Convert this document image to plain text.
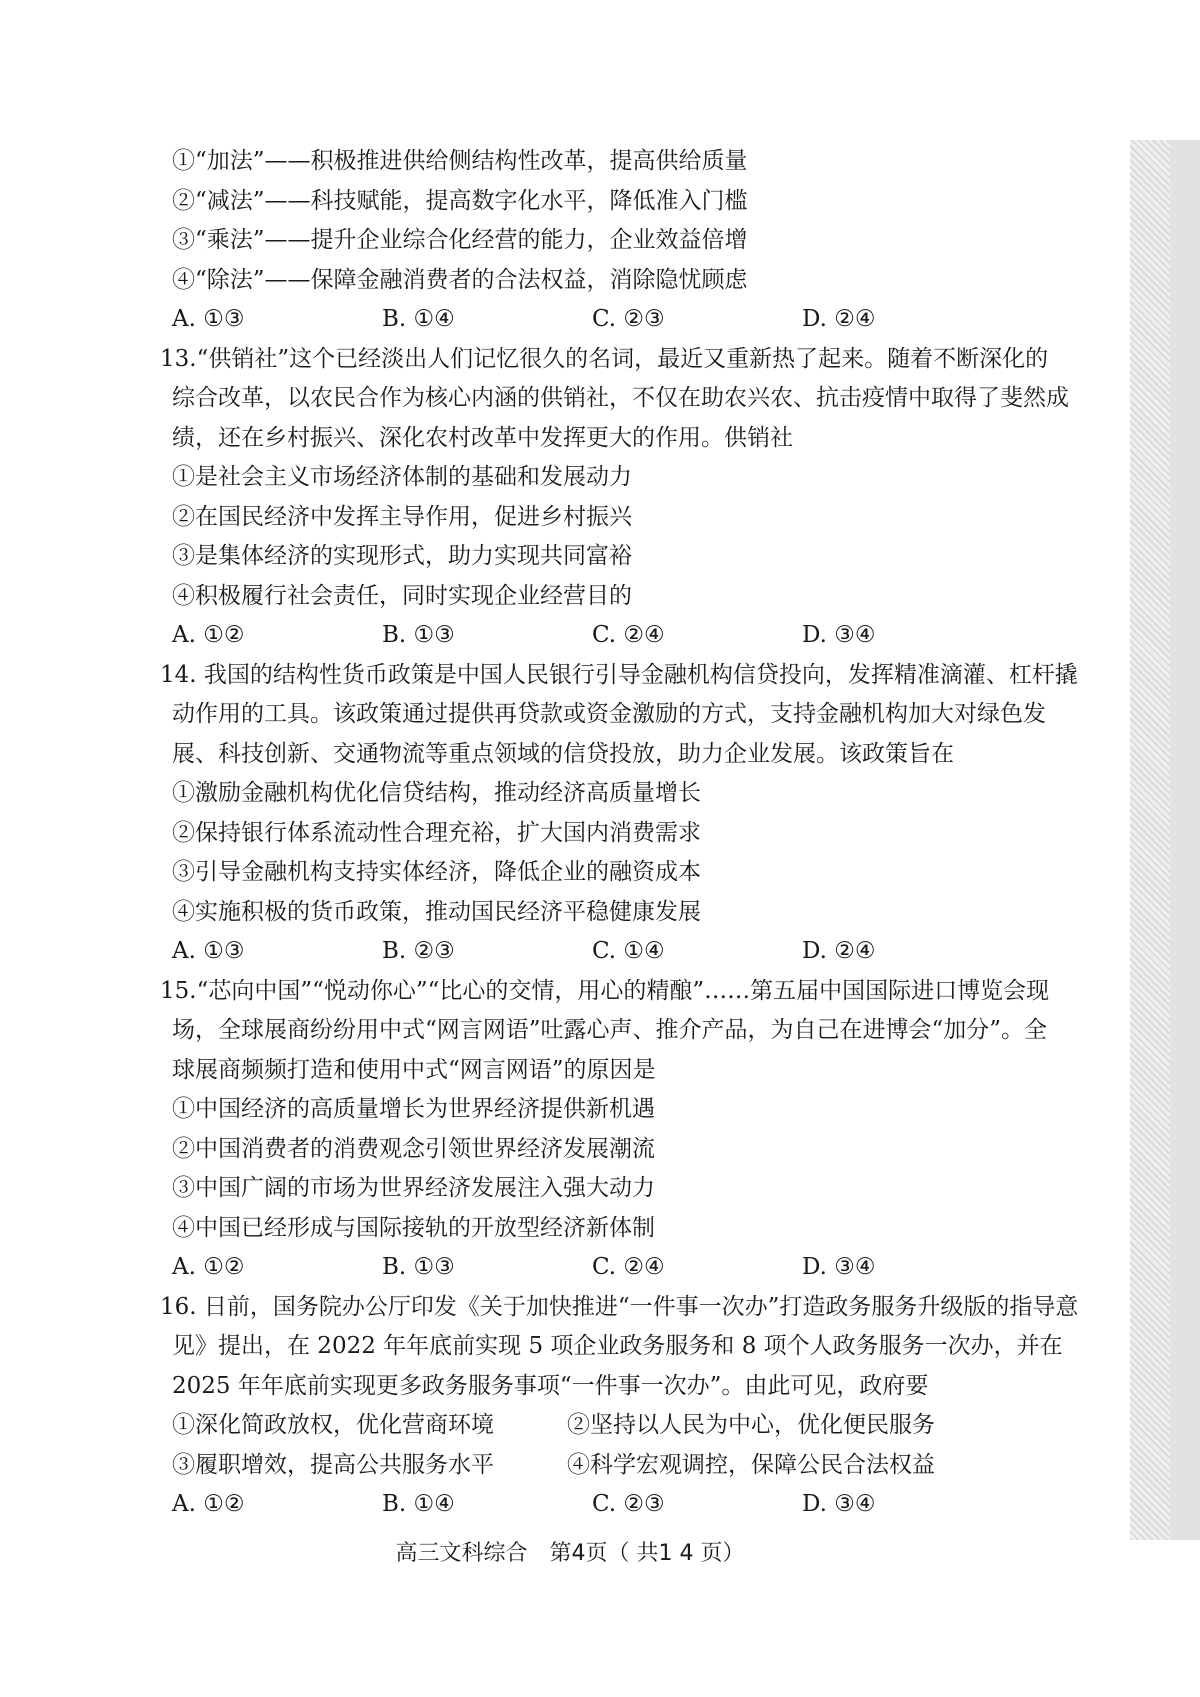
①“加法”——积极推进供给侧结构性改革，提高供给质量
②“减法”——科技赋能，提高数字化水平，降低准入门槛
③“乘法”——提升企业综合化经营的能力，企业效益倍增
④“除法”——保障金融消费者的合法权益，消除隐忧顾虑
A. ①③	B. ①④	C. ②③	D. ②④
13.“供销社”这个已经淡出人们记忆很久的名词，最近又重新热了起来。随着不断深化的
综合改革，以农民合作为核心内涵的供销社，不仅在助农兴农、抗击疫情中取得了斐然成
绩，还在乡村振兴、深化农村改革中发挥更大的作用。供销社
①是社会主义市场经济体制的基础和发展动力
②在国民经济中发挥主导作用，促进乡村振兴
③是集体经济的实现形式，助力实现共同富裕
④积极履行社会责任，同时实现企业经营目的
A. ①②	B. ①③	C. ②④	D. ③④
14. 我国的结构性货币政策是中国人民银行引导金融机构信贷投向，发挥精准滴灌、杠杆撬
动作用的工具。该政策通过提供再贷款或资金激励的方式，支持金融机构加大对绿色发
展、科技创新、交通物流等重点领域的信贷投放，助力企业发展。该政策旨在
①激励金融机构优化信贷结构，推动经济高质量增长
②保持银行体系流动性合理充裕，扩大国内消费需求
③引导金融机构支持实体经济，降低企业的融资成本
④实施积极的货币政策，推动国民经济平稳健康发展
A. ①③	B. ②③	C. ①④	D. ②④
15.“芯向中国”“悦动你心”“比心的交情，用心的精酿”……第五届中国国际进口博览会现
场，全球展商纷纷用中式“网言网语”吐露心声、推介产品，为自己在进博会“加分”。全
球展商频频打造和使用中式“网言网语”的原因是
①中国经济的高质量增长为世界经济提供新机遇
②中国消费者的消费观念引领世界经济发展潮流
③中国广阔的市场为世界经济发展注入强大动力
④中国已经形成与国际接轨的开放型经济新体制
A. ①②	B. ①③	C. ②④	D. ③④
16. 日前，国务院办公厅印发《关于加快推进“一件事一次办”打造政务服务升级版的指导意
见》提出，在 2022 年年底前实现 5 项企业政务服务和 8 项个人政务服务一次办，并在
2025 年年底前实现更多政务服务事项“一件事一次办”。由此可见，政府要
①深化简政放权，优化营商环境	②坚持以人民为中心，优化便民服务
③履职增效，提高公共服务水平	④科学宏观调控，保障公民合法权益
A. ①②	B. ①④	C. ②③	D. ③④
高三文科综合　第4页（ 共1 4 页）
